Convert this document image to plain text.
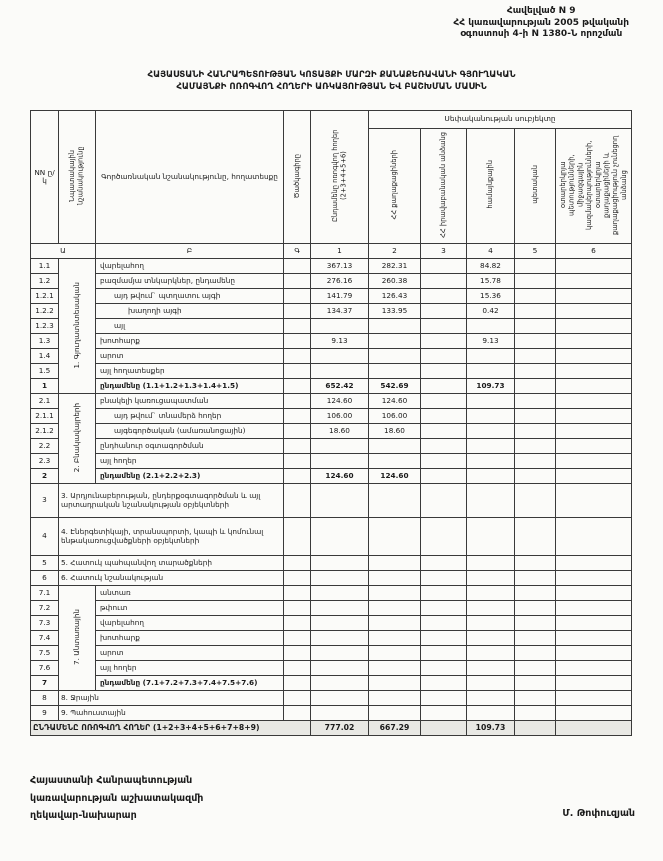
Հավելված N 9
ՀՀ կառավարության 2005 թվականի
օգոստոսի 4-ի N 1380-Ն որոշման
ՀԱՅԱՍՏԱՆԻ ՀԱՆՐԱՊԵՏՈՒԹՅԱՆ ԿՈՏԱՅՔԻ ՄԱՐԶԻ ՔԱՆԱՔԵՌԱՎԱՆԻ ԳՅՈՒՂԱԿԱՆ
ՀԱՄԱՅՆՔԻ ՈՌՈԳՎՈՂ ՀՈՂԵՐԻ ԱՌԿԱՅՈՒԹՅԱՆ ԵՎ ԲԱՇԽՄԱՆ ՄԱՍԻՆ
NN ը/կ	Նպատակային նշանակությունը	Գործառնական նշանակությունը, հողատեսքը	Ծածկագիրը	Ընդամենը ոռոգվող հողեր (2+3+4+5+6)	Սեփականության սուբյեկտը				
					ՀՀ քաղաքացիների	ՀՀ իրավաբանական անձանց	համայնքային	պետական	օտարերկրյա պետությունների, միջազգային կազմակերպությունների, օտարերկրյա քաղաքացիների և քաղաքացիություն չունեցող անձանց
Ա		Բ	Գ	1	2	3	4	5	6
1.1	1. Գյուղատնտեսական	վարելահող		367.13	282.31		84.82		
1.2		բազմամյա տնկարկներ, ընդամենը		276.16	260.38		15.78		
1.2.1		այդ թվում` պտղատու այգի		141.79	126.43		15.36		
1.2.2		խաղողի այգի		134.37	133.95		0.42		
1.2.3		այլ							
1.3		խոտհարք		9.13			9.13		
1.4		արոտ							
1.5		այլ հողատեսքեր							
1		ընդամենը (1.1+1.2+1.3+1.4+1.5)		652.42	542.69		109.73		
2.1	2. Բնակավայրերի	բնակելի կառուցապատման		124.60	124.60				
2.1.1		այդ թվում` տնամերձ հողեր		106.00	106.00				
2.1.2		այգեգործական (ամառանոցային)		18.60	18.60				
2.2		ընդհանուր օգտագործման							
2.3		այլ հողեր							
2		ընդամենը (2.1+2.2+2.3)		124.60	124.60				
3	3. Արդյունաբերության, ընդերքօգտագործման և այլ արտադրական նշանակության օբյեկտների								
4	4. Էներգետիկայի, տրանսպորտի, կապի և կոմունալ ենթակառուցվածքների օբյեկտների								
5	5. Հատուկ պահպանվող տարածքների								
6	6. Հատուկ նշանակության								
7.1	7. Անտառային	անտառ							
7.2		թփուտ							
7.3		վարելահող							
7.4		խոտհարք							
7.5		արոտ							
7.6		այլ հողեր							
7		ընդամենը (7.1+7.2+7.3+7.4+7.5+7.6)							
8	8. Ջրային								
9	9. Պահուստային								
ԸՆԴԱՄԵՆԸ ՈՌՈԳՎՈՂ ՀՈՂԵՐ (1+2+3+4+5+6+7+8+9)				777.02	667.29		109.73		
Հայաստանի Հանրապետության
կառավարության աշխատակազմի
ղեկավար-նախարար	Մ. Թոփուզյան
